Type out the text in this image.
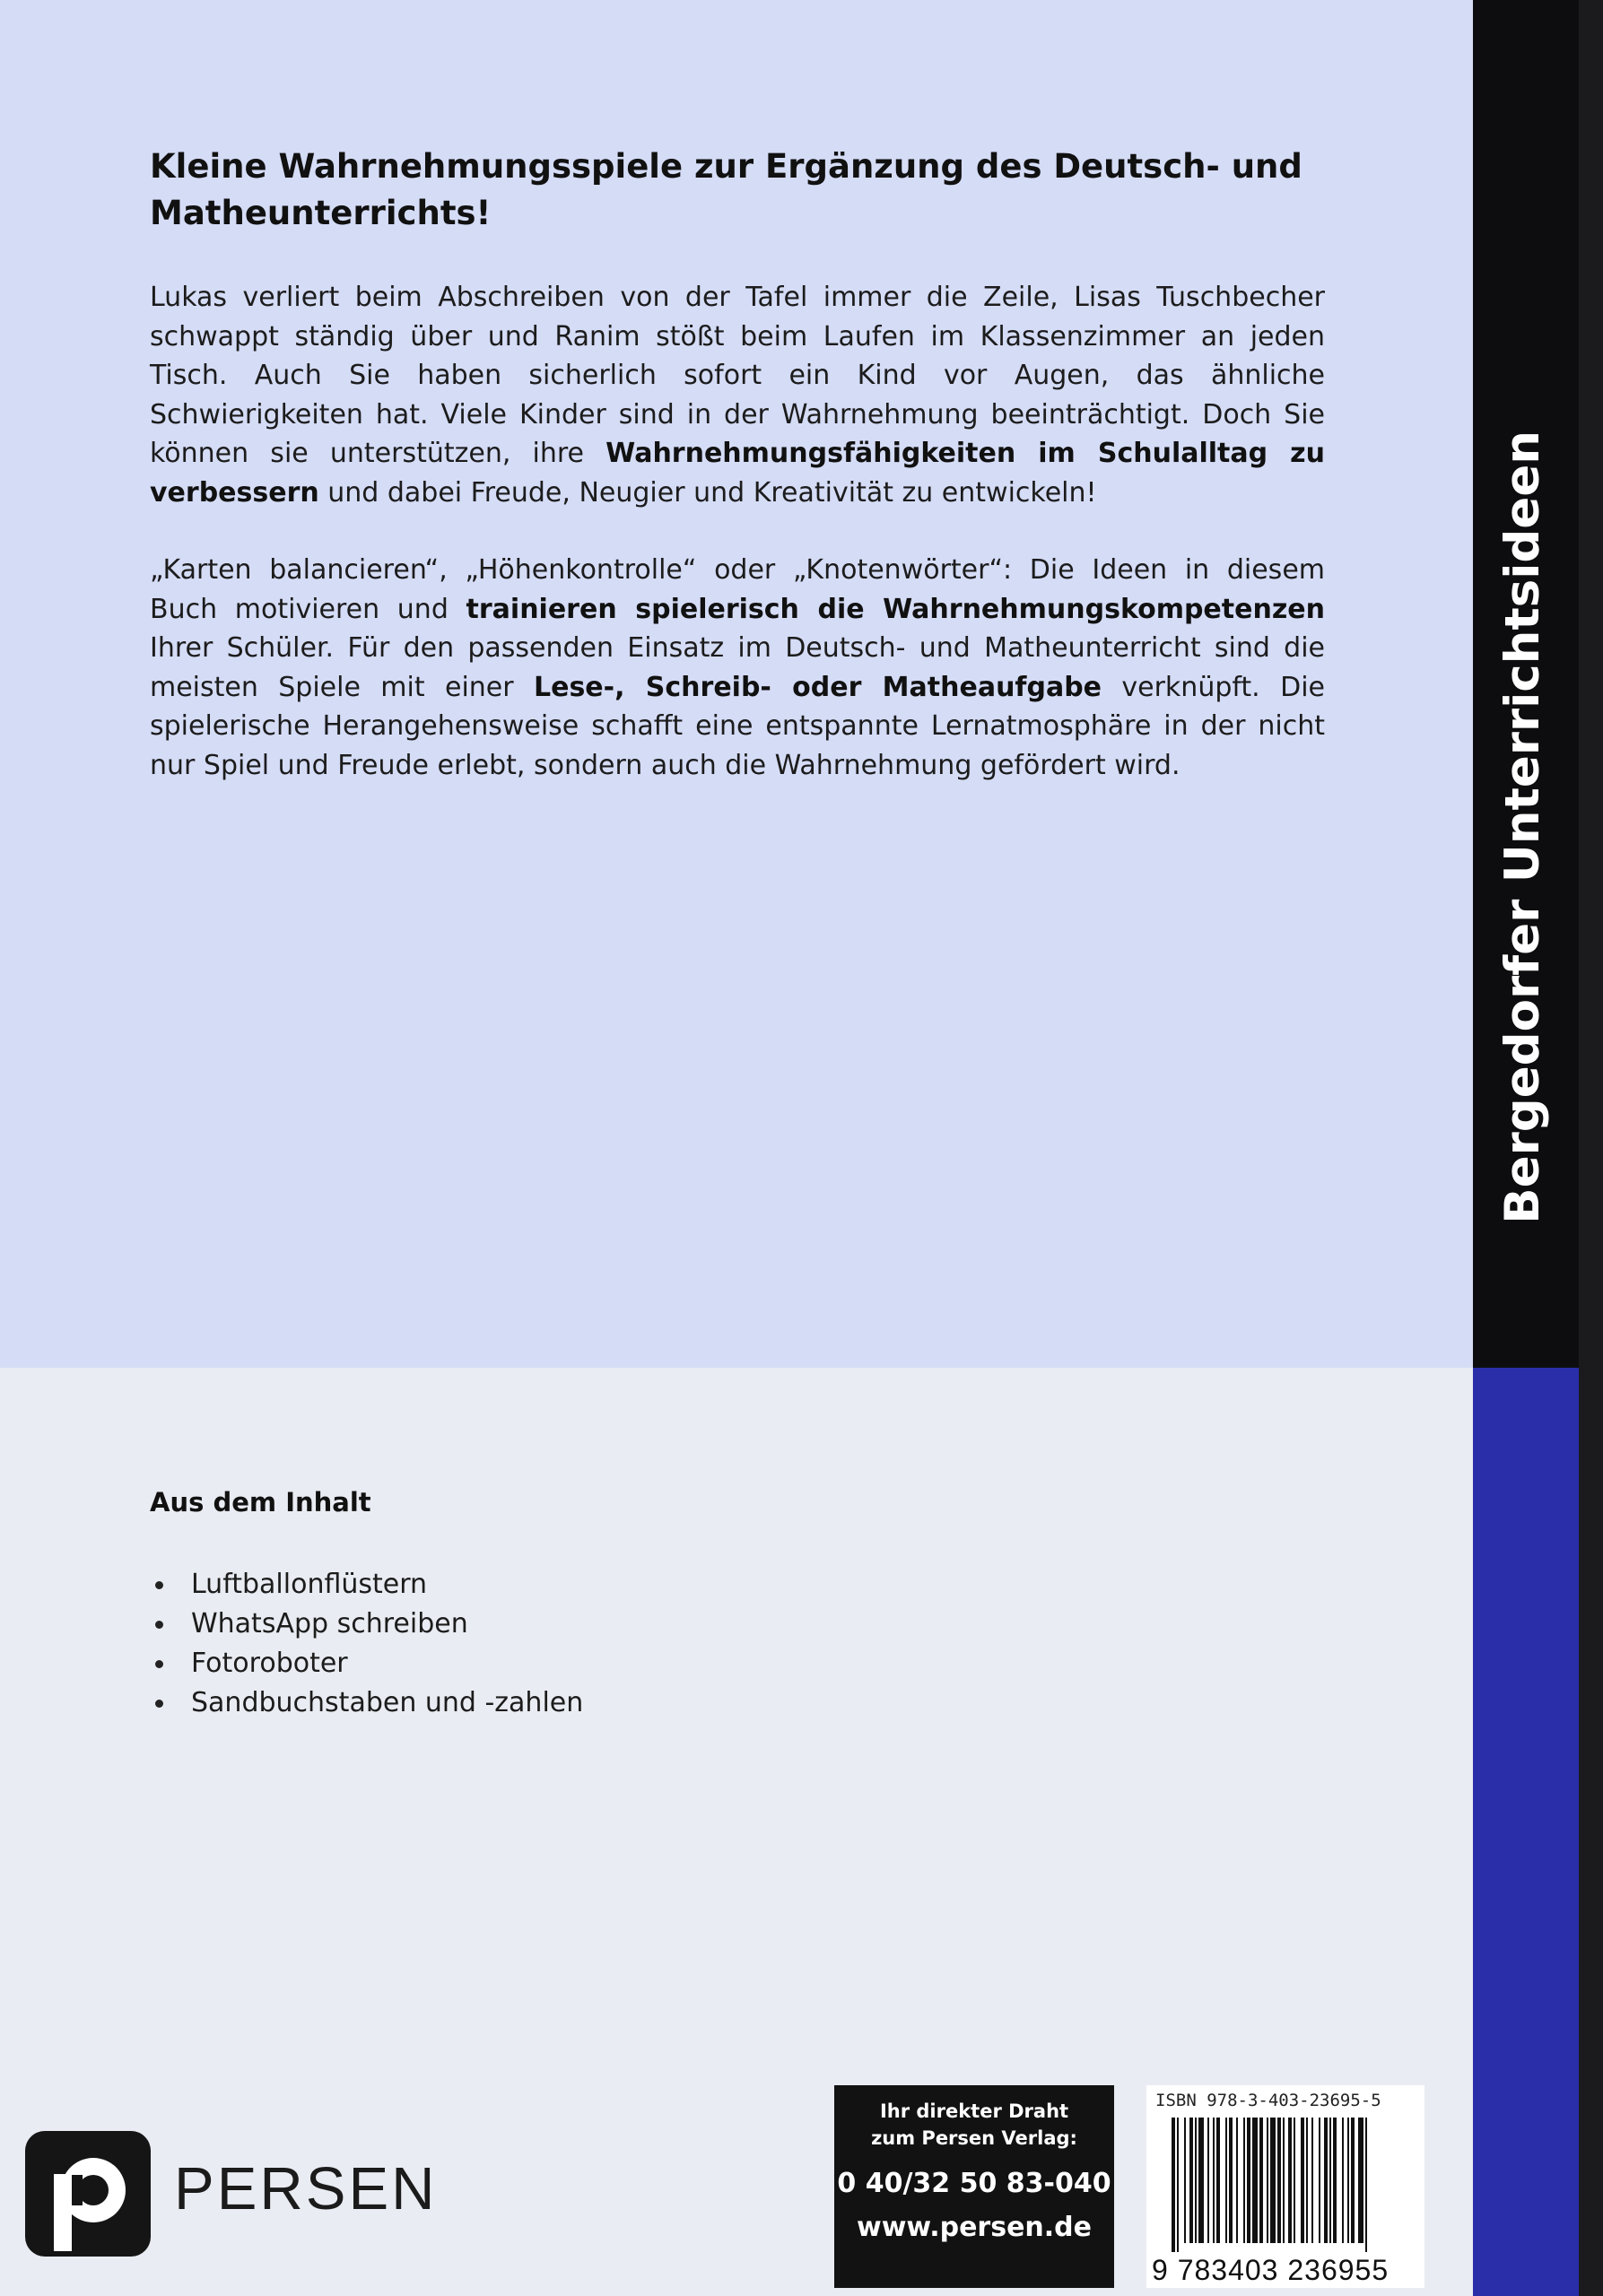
Bergedorfer Unterrichtsideen
Kleine Wahrnehmungsspiele zur Ergänzung des Deutsch- und Matheunterrichts!

Lukas verliert beim Abschreiben von der Tafel immer die Zeile, Lisas Tuschbecher schwappt ständig über und Ranim stößt beim Laufen im Klassenzimmer an jeden Tisch. Auch Sie haben sicherlich sofort ein Kind vor Augen, das ähnliche Schwierigkeiten hat. Viele Kinder sind in der Wahrnehmung beeinträchtigt. Doch Sie können sie unterstützen, ihre Wahrnehmungsfähigkeiten im Schulalltag zu verbessern und dabei Freude, Neugier und Kreativität zu entwickeln!

„Karten balancieren“, „Höhenkontrolle“ oder „Knotenwörter“: Die Ideen in diesem Buch motivieren und trainieren spielerisch die Wahrnehmungskompetenzen Ihrer Schüler. Für den passenden Einsatz im Deutsch- und Matheunterricht sind die meisten Spiele mit einer Lese-, Schreib- oder Matheaufgabe verknüpft. Die spielerische Herangehensweise schafft eine entspannte Lernatmosphäre in der nicht nur Spiel und Freude erlebt, sondern auch die Wahrnehmung gefördert wird.

Aus dem Inhalt
Luftballonflüstern
WhatsApp schreiben
Fotoroboter
Sandbuchstaben und -zahlen
PERSEN
Ihr direkter Draht
zum Persen Verlag:
0 40/32 50 83-040
www.persen.de
ISBN 978-3-403-23695-5
9 783403 236955
